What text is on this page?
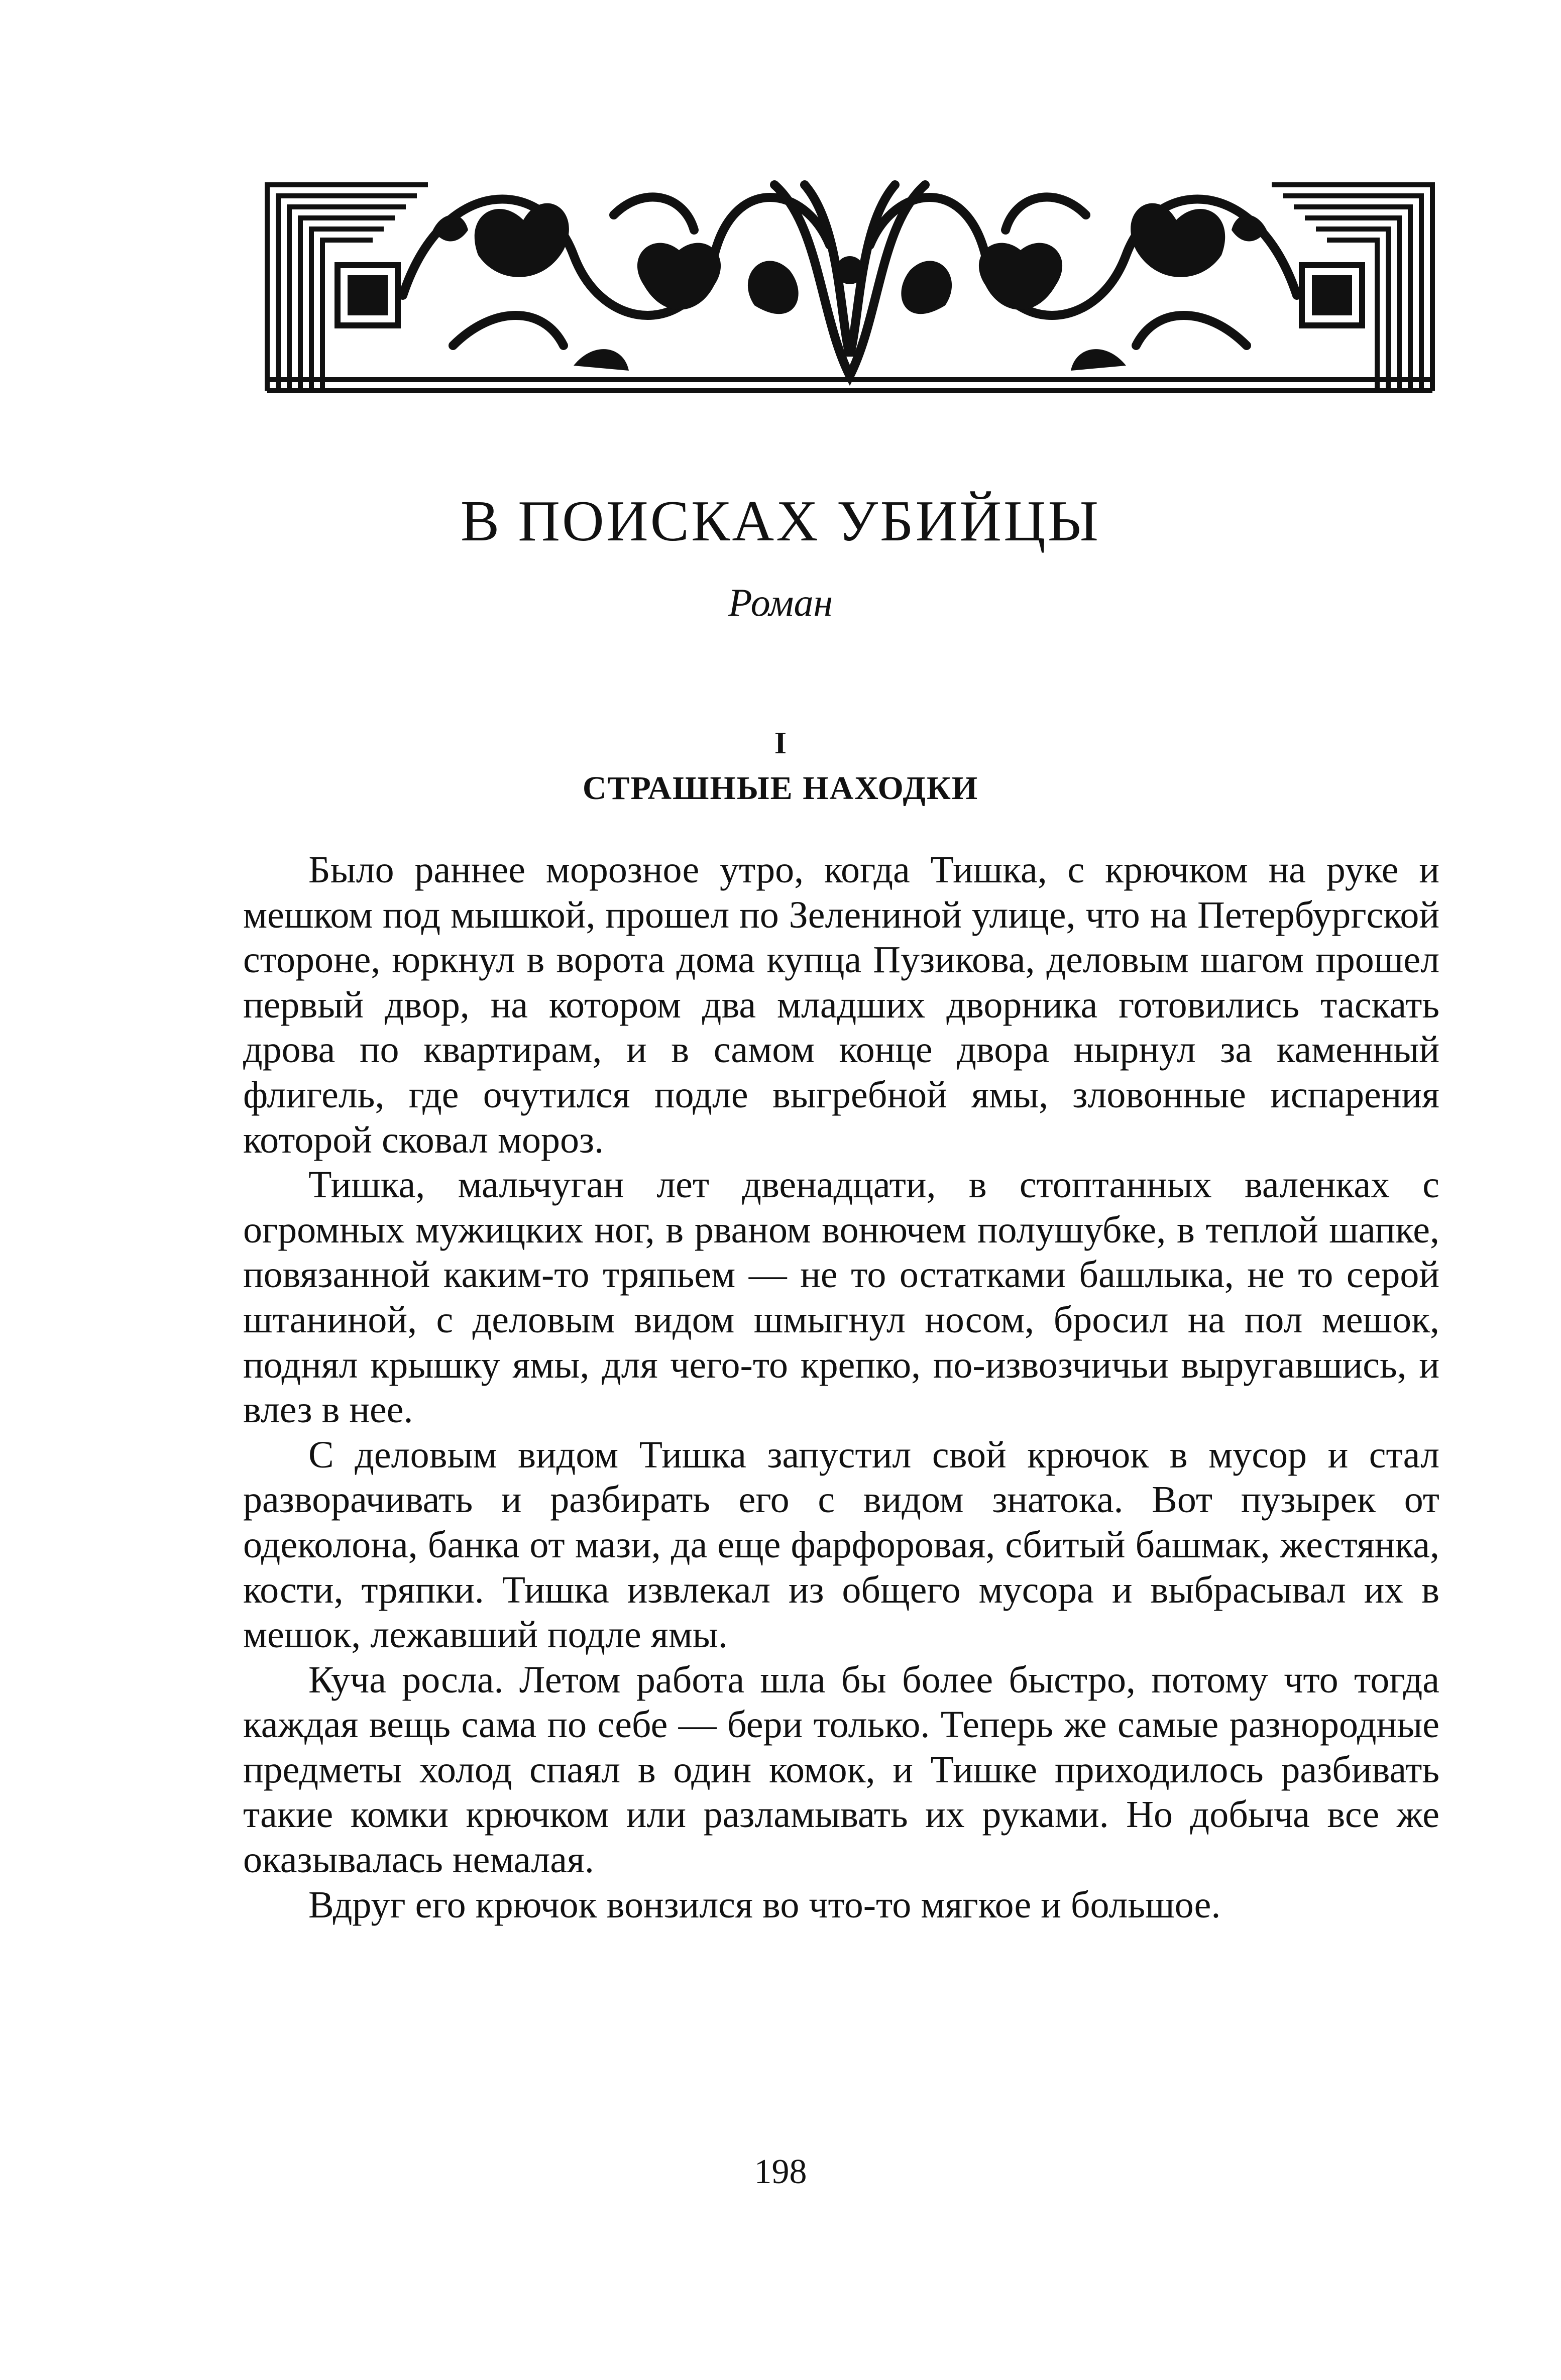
В ПОИСКАХ УБИЙЦЫ
Роман
I
СТРАШНЫЕ НАХОДКИ

Было раннее морозное утро, когда Тишка, с крючком на руке и мешком под мышкой, прошел по Зелениной улице, что на Петербургской стороне, юркнул в ворота дома купца Пузикова, деловым шагом прошел первый двор, на котором два младших дворника готовились таскать дрова по квартирам, и в самом конце двора нырнул за каменный флигель, где очутился подле выгребной ямы, зловонные испарения которой сковал мороз.

Тишка, мальчуган лет двенадцати, в стоптанных валенках с огромных мужицких ног, в рваном вонючем полушубке, в теплой шапке, повязанной каким-то тряпьем — не то остатками башлыка, не то серой штаниной, с деловым видом шмыгнул носом, бросил на пол мешок, поднял крышку ямы, для чего-то крепко, по-извозчичьи выругавшись, и влез в нее.

С деловым видом Тишка запустил свой крючок в мусор и стал разворачивать и разбирать его с видом знатока. Вот пузырек от одеколона, банка от мази, да еще фарфоровая, сбитый башмак, жестянка, кости, тряпки. Тишка извлекал из общего мусора и выбрасывал их в мешок, лежавший подле ямы.

Куча росла. Летом работа шла бы более быстро, потому что тогда каждая вещь сама по себе — бери только. Теперь же самые разнородные предметы холод спаял в один комок, и Тишке приходилось разбивать такие комки крючком или разламывать их руками. Но добыча все же оказывалась немалая.

Вдруг его крючок вонзился во что-то мягкое и большое.

198
